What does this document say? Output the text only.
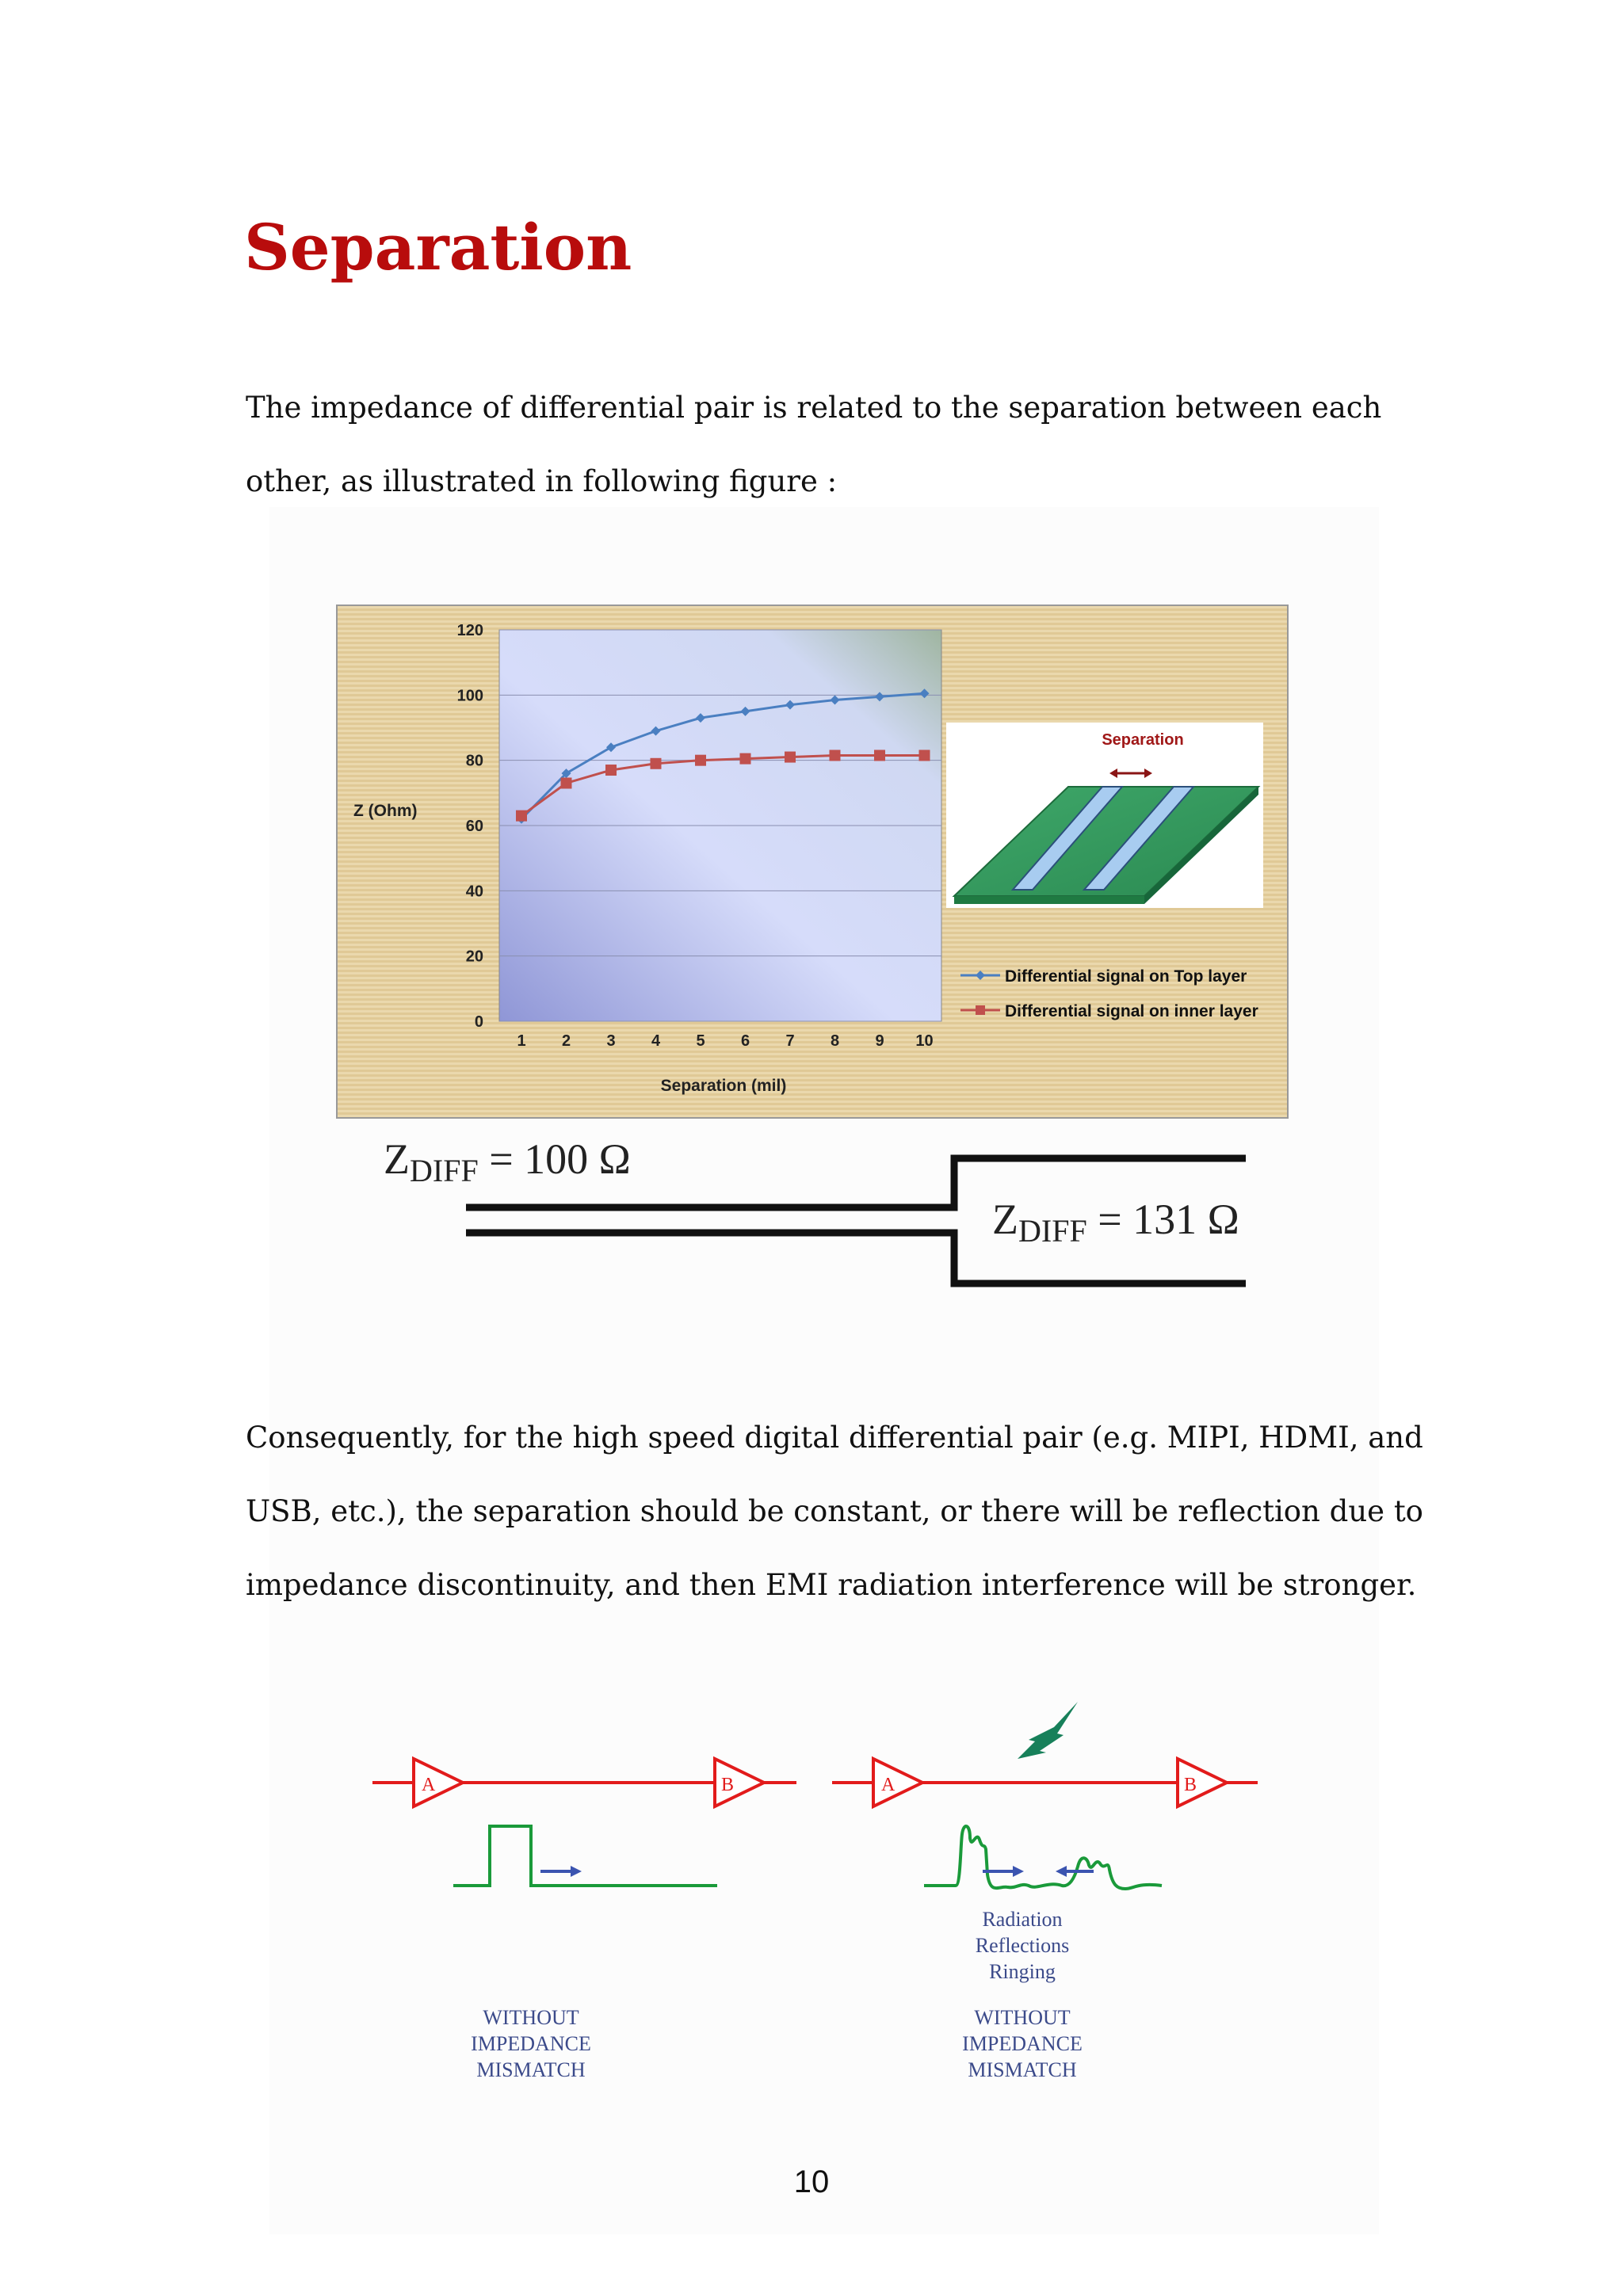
Separation

The impedance of differential pair is related to the separation between each other, as illustrated in following figure :

0
20
40
60
80
100
120
1 2 3 4 5 6 7 8 9 10
Z (Ohm)
Separation (mil)
Separation
Differential signal on Top layer
Differential signal on inner layer
$Z_{DIFF} = 100$ Ω
$Z_{DIFF} = 131$ Ω

Consequently, for the high speed digital differential pair (e.g. MIPI, HDMI, and USB, etc.), the separation should be constant, or there will be reflection due to impedance discontinuity, and then EMI radiation interference will be stronger.

A	B	A	B
Radiation
Reflections
Ringing
WITHOUT
IMPEDANCE
MISMATCH
WITHOUT
IMPEDANCE
MISMATCH
10
